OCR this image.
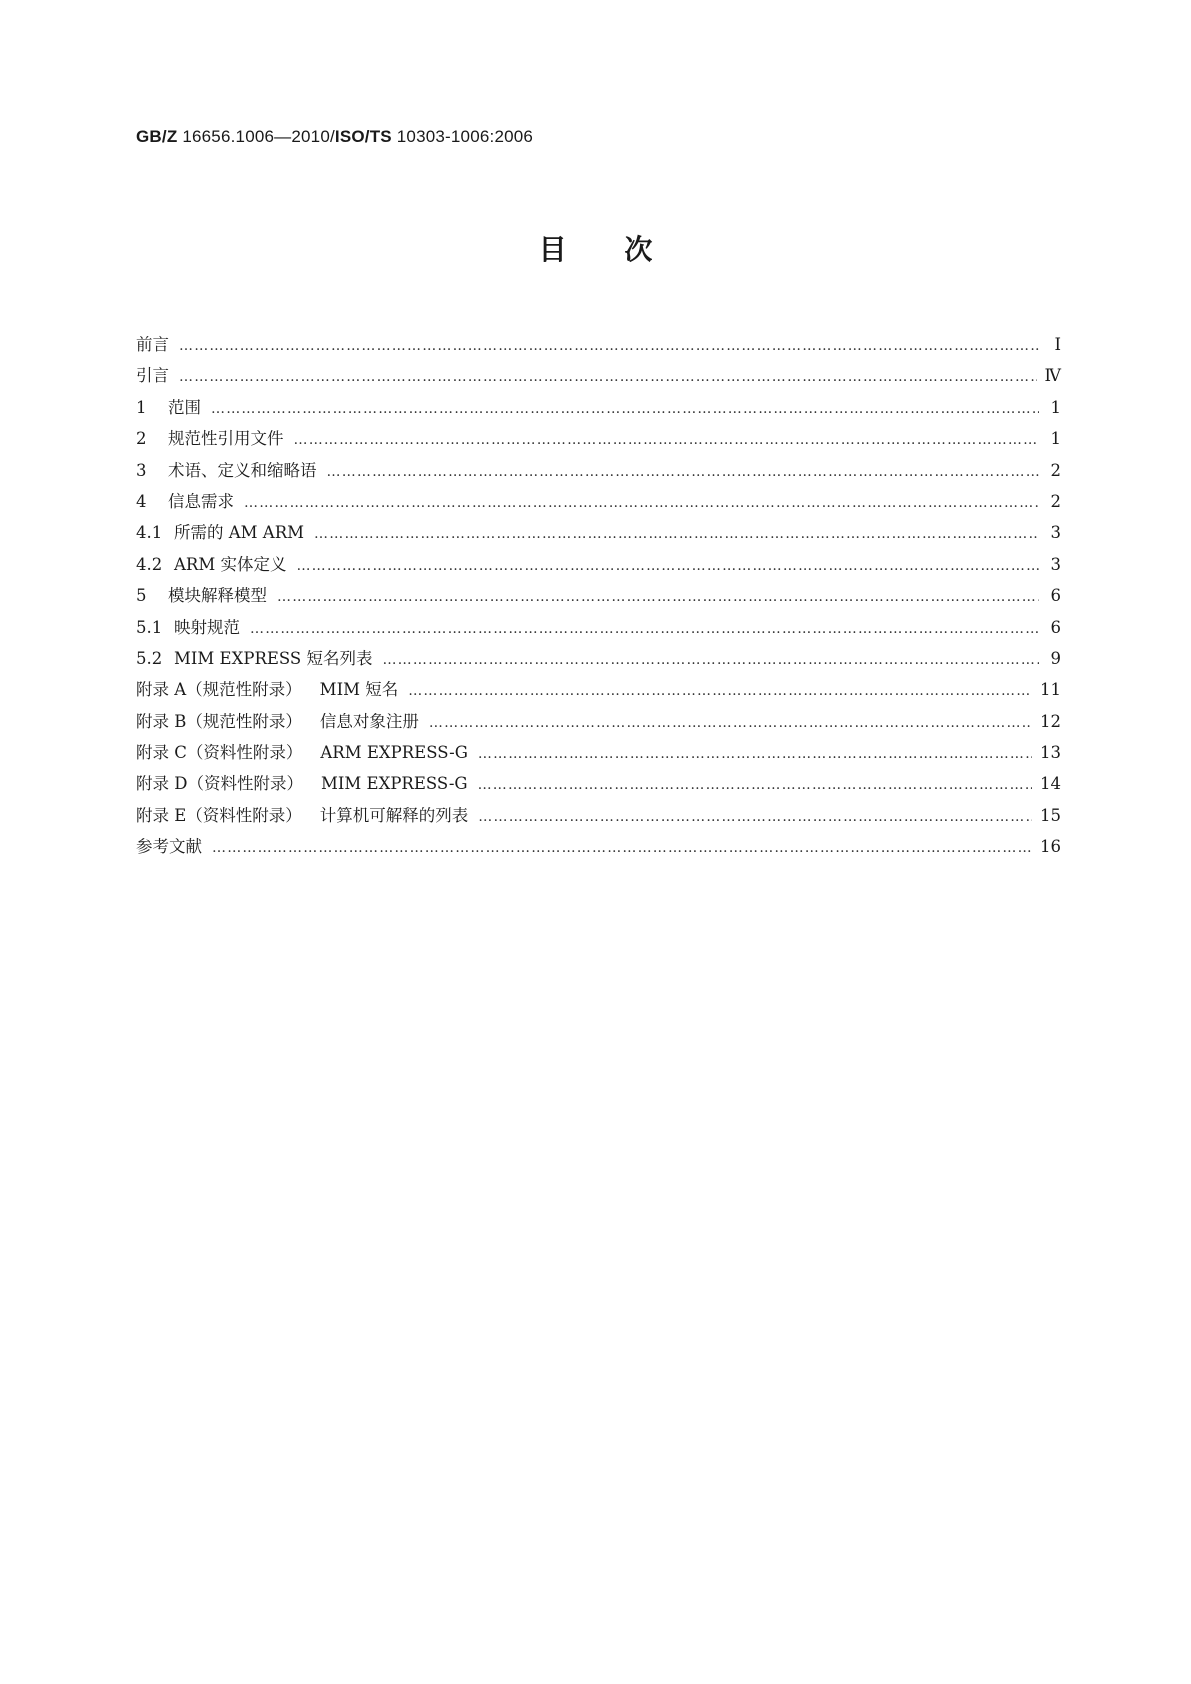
GB/Z 16656.1006—2010/ISO/TS 10303-1006:2006
目 次
前言 ……………………………………………………………………………………………………………………………………………………………………………………………………………………	Ⅰ
引言 ……………………………………………………………………………………………………………………………………………………………………………………………………………………	Ⅳ
1	范围 ……………………………………………………………………………………………………………………………………………………………………………………………………………………	1
2	规范性引用文件 ……………………………………………………………………………………………………………………………………………………………………………………………………………………	1
3	术语、定义和缩略语 ……………………………………………………………………………………………………………………………………………………………………………………………………………………	2
4	信息需求 ……………………………………………………………………………………………………………………………………………………………………………………………………………………	2
4.1 所需的 AM ARM ……………………………………………………………………………………………………………………………………………………………………………………………………………………	3
4.2 ARM 实体定义 ……………………………………………………………………………………………………………………………………………………………………………………………………………………	3
5	模块解释模型 ……………………………………………………………………………………………………………………………………………………………………………………………………………………	6
5.1 映射规范 ……………………………………………………………………………………………………………………………………………………………………………………………………………………	6
5.2 MIM EXPRESS 短名列表 ……………………………………………………………………………………………………………………………………………………………………………………………………………………	9
附录 A（规范性附录） MIM 短名 ……………………………………………………………………………………………………………………………………………………………………………………………………………………	11
附录 B（规范性附录） 信息对象注册 ……………………………………………………………………………………………………………………………………………………………………………………………………………………	12
附录 C（资料性附录） ARM EXPRESS-G ……………………………………………………………………………………………………………………………………………………………………………………………………………………	13
附录 D（资料性附录） MIM EXPRESS-G ……………………………………………………………………………………………………………………………………………………………………………………………………………………	14
附录 E（资料性附录） 计算机可解释的列表 ……………………………………………………………………………………………………………………………………………………………………………………………………………………	15
参考文献 ……………………………………………………………………………………………………………………………………………………………………………………………………………………	16
